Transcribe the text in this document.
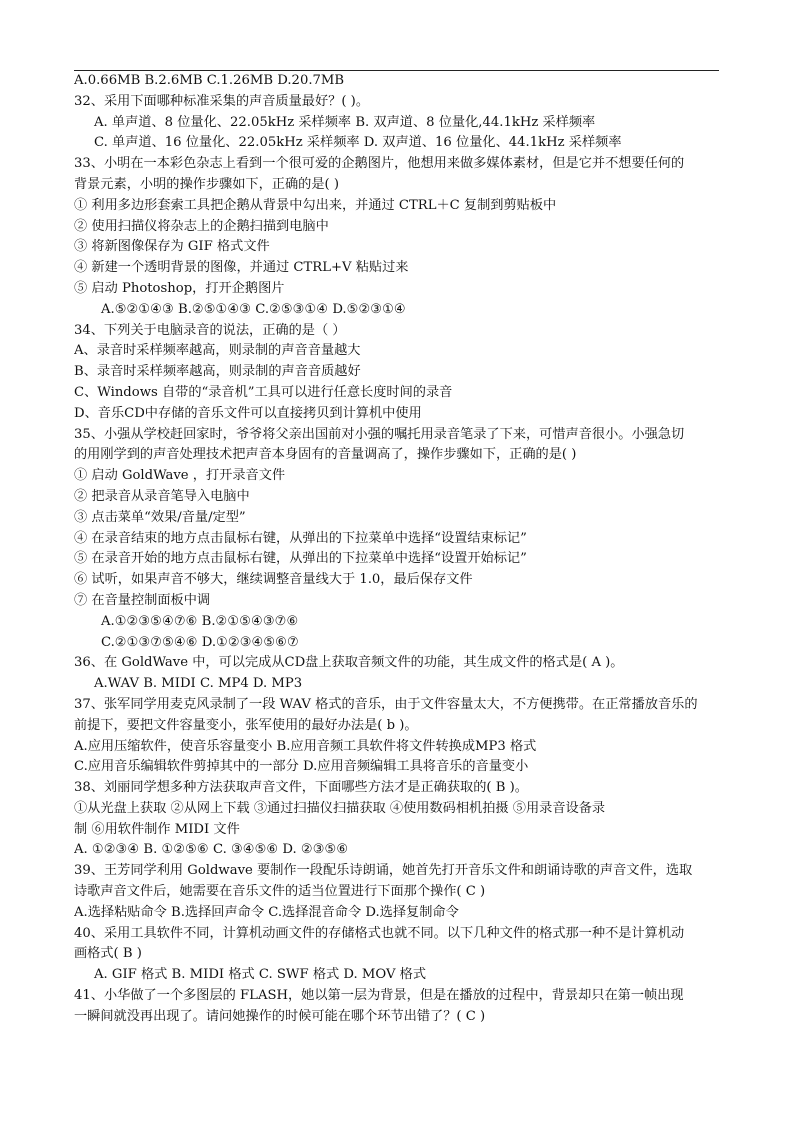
A.0.66MB B.2.6MB C.1.26MB D.20.7MB
32、采用下面哪种标准采集的声音质量最好？( )。
A. 单声道、8 位量化、22.05kHz 采样频率 B. 双声道、8 位量化,44.1kHz 采样频率
C. 单声道、16 位量化、22.05kHz 采样频率 D. 双声道、16 位量化、44.1kHz 采样频率
33、小明在一本彩色杂志上看到一个很可爱的企鹅图片，他想用来做多媒体素材，但是它并不想要任何的
背景元素，小明的操作步骤如下，正确的是( )
① 利用多边形套索工具把企鹅从背景中勾出来，并通过 CTRL＋C 复制到剪贴板中
② 使用扫描仪将杂志上的企鹅扫描到电脑中
③ 将新图像保存为 GIF 格式文件
④ 新建一个透明背景的图像，并通过 CTRL+V 粘贴过来
⑤ 启动 Photoshop，打开企鹅图片
A.⑤②①④③ B.②⑤①④③ C.②⑤③①④ D.⑤②③①④
34、下列关于电脑录音的说法，正确的是（ ）
A、录音时采样频率越高，则录制的声音音量越大
B、录音时采样频率越高，则录制的声音音质越好
C、Windows 自带的“录音机”工具可以进行任意长度时间的录音
D、音乐CD中存储的音乐文件可以直接拷贝到计算机中使用
35、小强从学校赶回家时，爷爷将父亲出国前对小强的嘱托用录音笔录了下来，可惜声音很小。小强急切
的用刚学到的声音处理技术把声音本身固有的音量调高了，操作步骤如下，正确的是( )
① 启动 GoldWave ，打开录音文件
② 把录音从录音笔导入电脑中
③ 点击菜单“效果/音量/定型”
④ 在录音结束的地方点击鼠标右键，从弹出的下拉菜单中选择“设置结束标记”
⑤ 在录音开始的地方点击鼠标右键，从弹出的下拉菜单中选择“设置开始标记”
⑥ 试听，如果声音不够大，继续调整音量线大于 1.0，最后保存文件
⑦ 在音量控制面板中调
A.①②③⑤④⑦⑥ B.②①⑤④③⑦⑥
C.②①③⑦⑤④⑥ D.①②③④⑤⑥⑦
36、在 GoldWave 中，可以完成从CD盘上获取音频文件的功能，其生成文件的格式是( A )。
A.WAV B. MIDI C. MP4 D. MP3
37、张军同学用麦克风录制了一段 WAV 格式的音乐，由于文件容量太大，不方便携带。在正常播放音乐的
前提下，要把文件容量变小，张军使用的最好办法是( b )。
A.应用压缩软件，使音乐容量变小 B.应用音频工具软件将文件转换成MP3 格式
C.应用音乐编辑软件剪掉其中的一部分 D.应用音频编辑工具将音乐的音量变小
38、刘丽同学想多种方法获取声音文件，下面哪些方法才是正确获取的( B )。
①从光盘上获取 ②从网上下载 ③通过扫描仪扫描获取 ④使用数码相机拍摄 ⑤用录音设备录
制 ⑥用软件制作 MIDI 文件
A. ①②③④ B. ①②⑤⑥ C. ③④⑤⑥ D. ②③⑤⑥
39、王芳同学利用 Goldwave 要制作一段配乐诗朗诵，她首先打开音乐文件和朗诵诗歌的声音文件，选取
诗歌声音文件后，她需要在音乐文件的适当位置进行下面那个操作( C )
A.选择粘贴命令 B.选择回声命令 C.选择混音命令 D.选择复制命令
40、采用工具软件不同，计算机动画文件的存储格式也就不同。以下几种文件的格式那一种不是计算机动
画格式( B )
A. GIF 格式 B. MIDI 格式 C. SWF 格式 D. MOV 格式
41、小华做了一个多图层的 FLASH，她以第一层为背景，但是在播放的过程中，背景却只在第一帧出现
一瞬间就没再出现了。请问她操作的时候可能在哪个环节出错了？( C )
